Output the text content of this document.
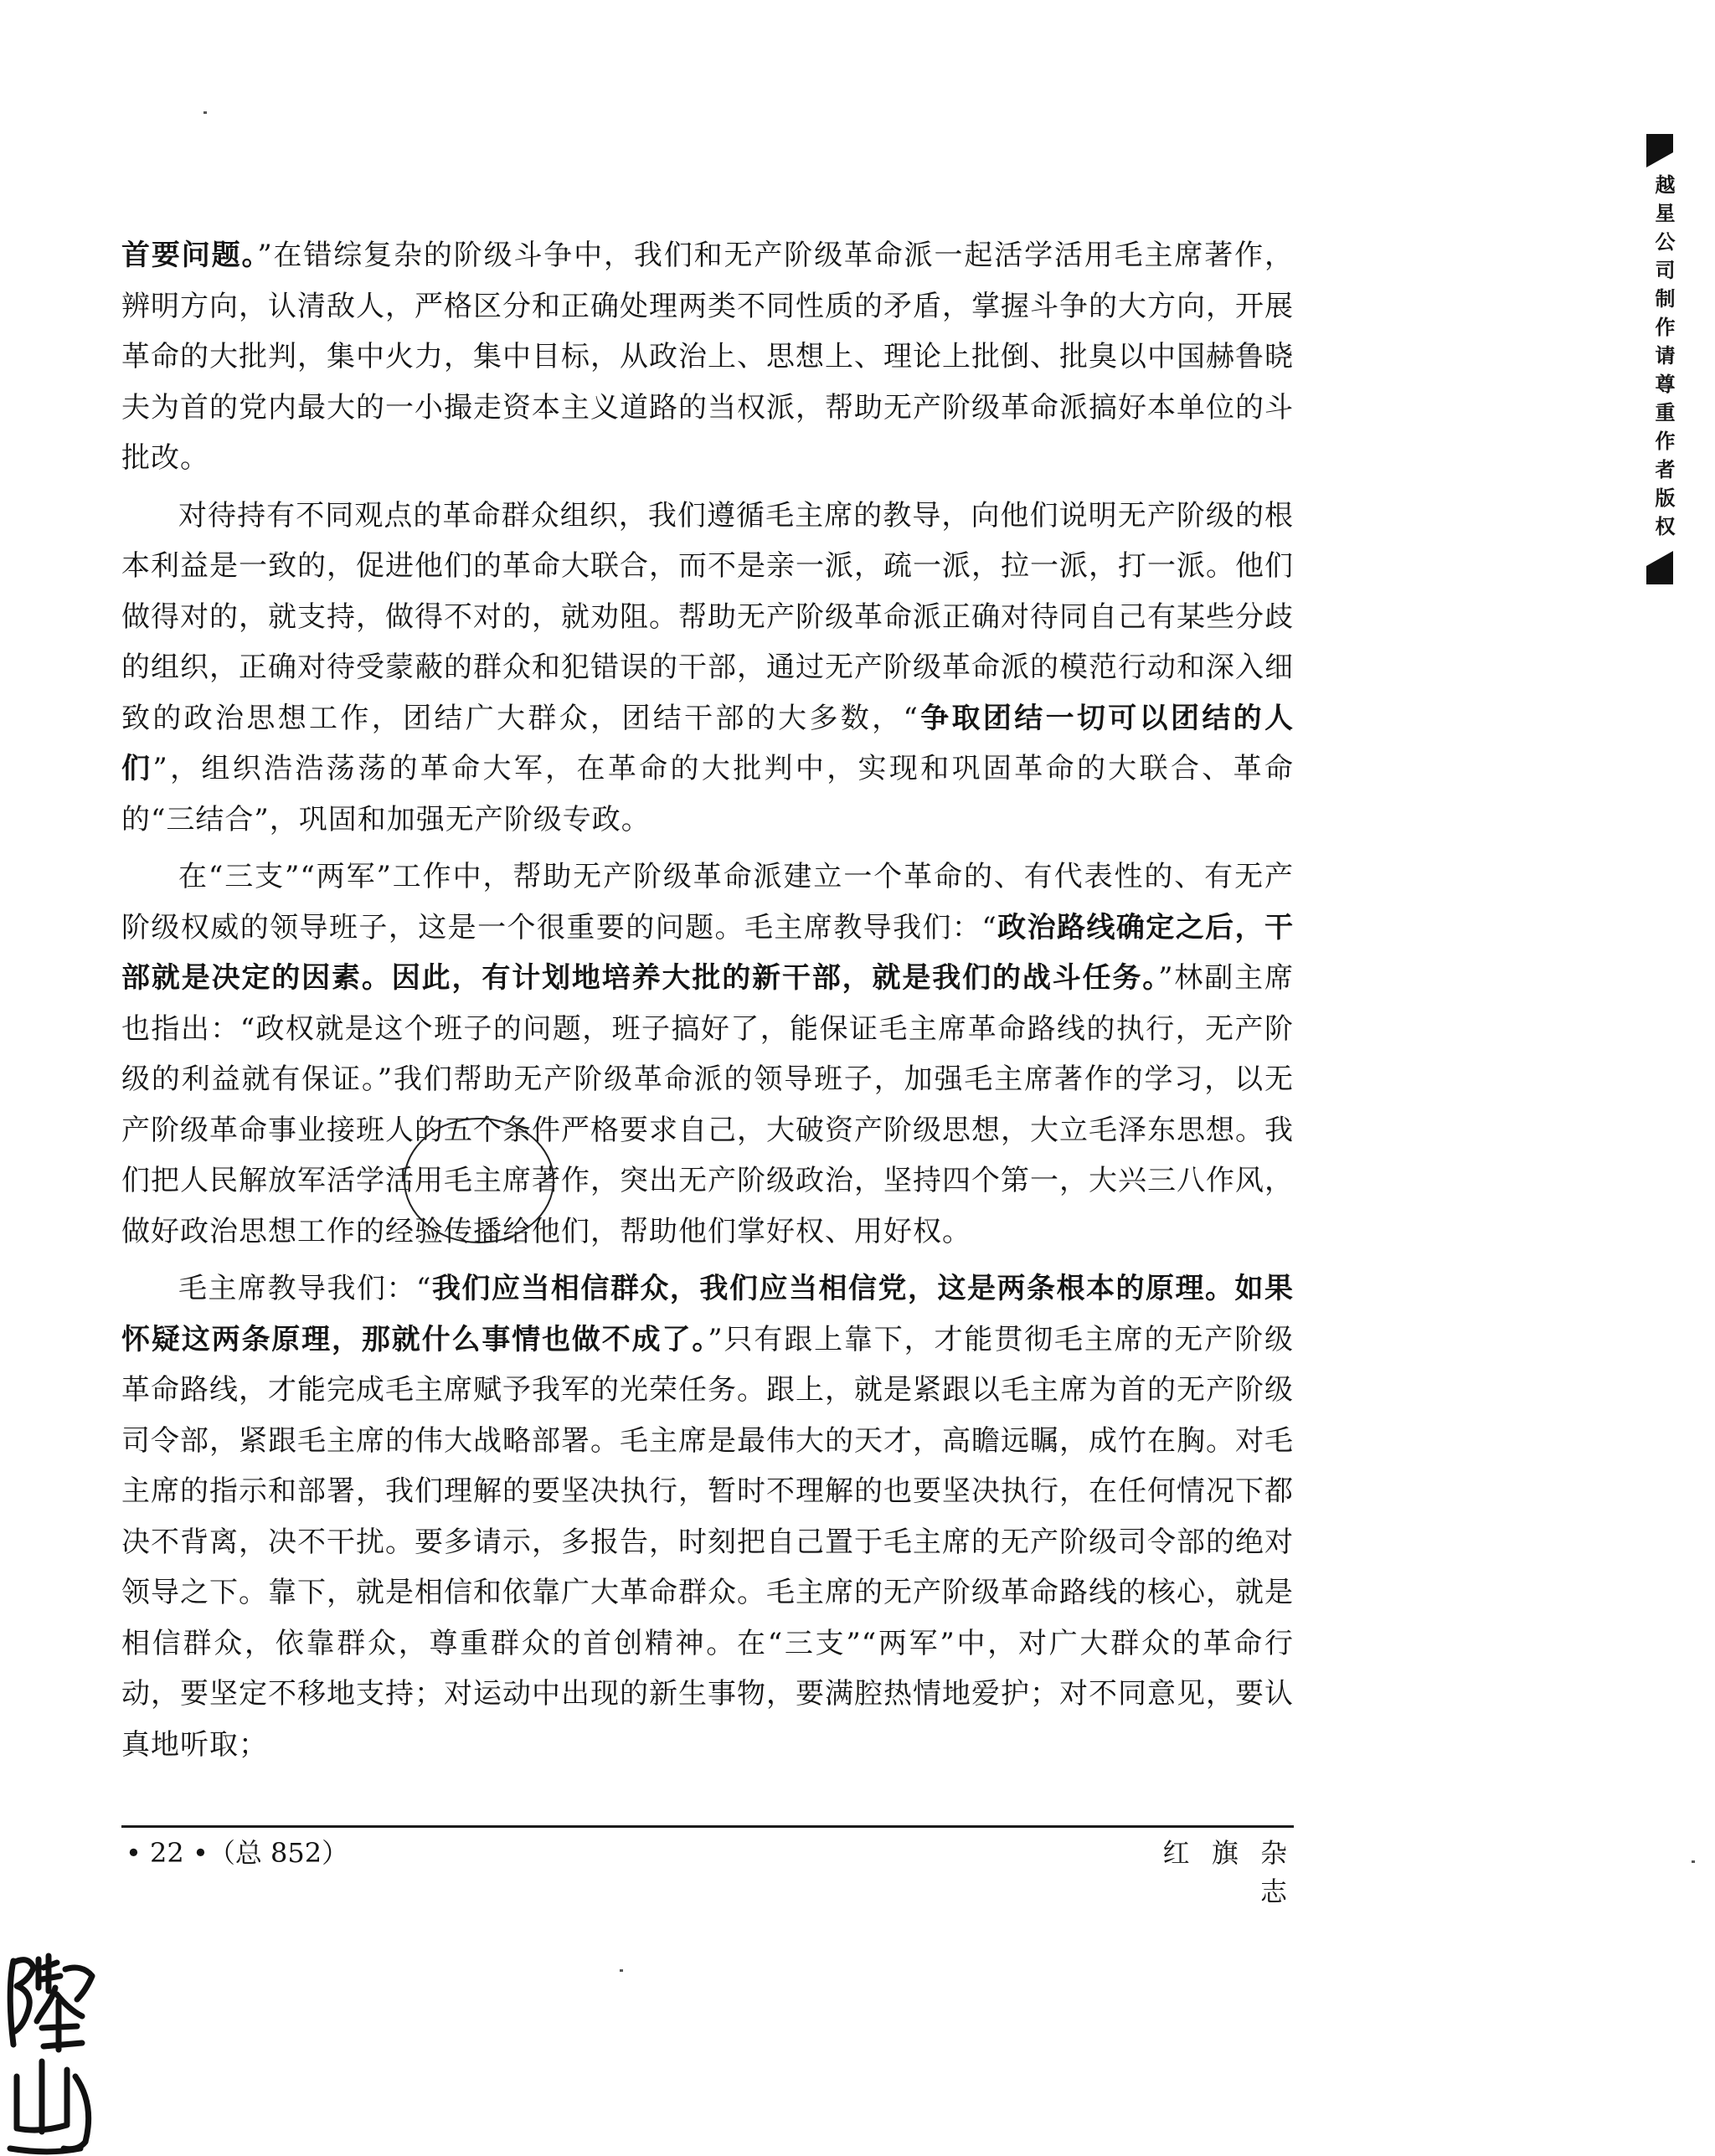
首要问题。”在错综复杂的阶级斗争中，我们和无产阶级革命派一起活学活用毛主席著作，辨明方向，认清敌人，严格区分和正确处理两类不同性质的矛盾，掌握斗争的大方向，开展革命的大批判，集中火力，集中目标，从政治上、思想上、理论上批倒、批臭以中国赫鲁晓夫为首的党内最大的一小撮走资本主义道路的当权派，帮助无产阶级革命派搞好本单位的斗批改。

对待持有不同观点的革命群众组织，我们遵循毛主席的教导，向他们说明无产阶级的根本利益是一致的，促进他们的革命大联合，而不是亲一派，疏一派，拉一派，打一派。他们做得对的，就支持，做得不对的，就劝阻。帮助无产阶级革命派正确对待同自己有某些分歧的组织，正确对待受蒙蔽的群众和犯错误的干部，通过无产阶级革命派的模范行动和深入细致的政治思想工作，团结广大群众，团结干部的大多数，“争取团结一切可以团结的人们”，组织浩浩荡荡的革命大军，在革命的大批判中，实现和巩固革命的大联合、革命的“三结合”，巩固和加强无产阶级专政。

在“三支”“两军”工作中，帮助无产阶级革命派建立一个革命的、有代表性的、有无产阶级权威的领导班子，这是一个很重要的问题。毛主席教导我们：“政治路线确定之后，干部就是决定的因素。因此，有计划地培养大批的新干部，就是我们的战斗任务。”林副主席也指出：“政权就是这个班子的问题，班子搞好了，能保证毛主席革命路线的执行，无产阶级的利益就有保证。”我们帮助无产阶级革命派的领导班子，加强毛主席著作的学习，以无产阶级革命事业接班人的五个条件严格要求自己，大破资产阶级思想，大立毛泽东思想。我们把人民解放军活学活用毛主席著作，突出无产阶级政治，坚持四个第一，大兴三八作风，做好政治思想工作的经验传播给他们，帮助他们掌好权、用好权。

毛主席教导我们：“我们应当相信群众，我们应当相信党，这是两条根本的原理。如果怀疑这两条原理，那就什么事情也做不成了。”只有跟上靠下，才能贯彻毛主席的无产阶级革命路线，才能完成毛主席赋予我军的光荣任务。跟上，就是紧跟以毛主席为首的无产阶级司令部，紧跟毛主席的伟大战略部署。毛主席是最伟大的天才，高瞻远瞩，成竹在胸。对毛主席的指示和部署，我们理解的要坚决执行，暂时不理解的也要坚决执行，在任何情况下都决不背离，决不干扰。要多请示，多报告，时刻把自己置于毛主席的无产阶级司令部的绝对领导之下。靠下，就是相信和依靠广大革命群众。毛主席的无产阶级革命路线的核心，就是相信群众，依靠群众，尊重群众的首创精神。在“三支”“两军”中，对广大群众的革命行动，要坚定不移地支持；对运动中出现的新生事物，要满腔热情地爱护；对不同意见，要认真地听取；

• 22 •（总 852）	红 旗 杂 志
越星公司制作请尊重作者版权
